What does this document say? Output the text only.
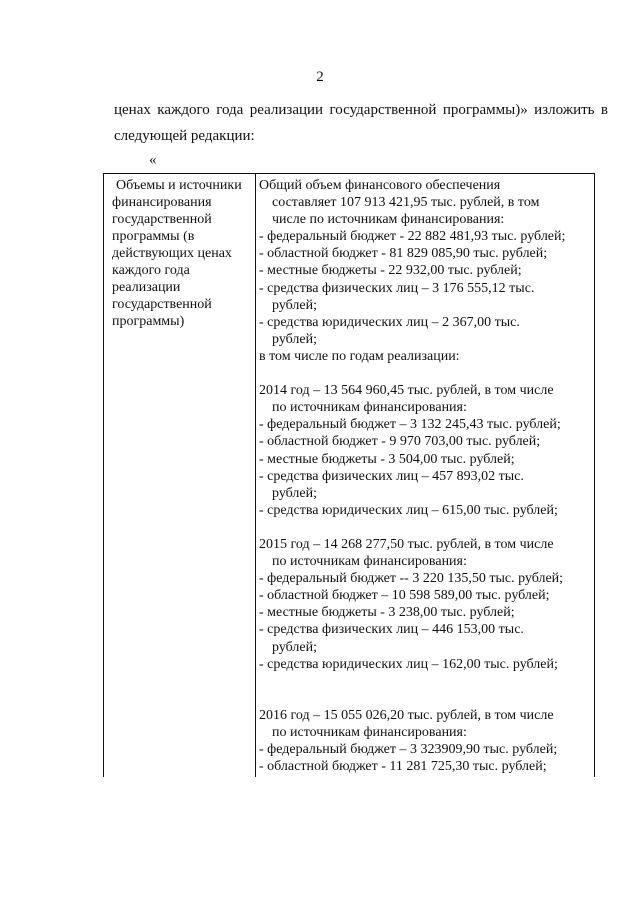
2
ценах каждого года реализации государственной программы)» изложить в
следующей редакции:
«
Объемы и источники
финансирования
государственной
программы (в
действующих ценах
каждого года
реализации
государственной
программы)
Общий объем финансового обеспечения
составляет 107 913 421,95 тыс. рублей, в том
числе по источникам финансирования:
- федеральный бюджет - 22 882 481,93 тыс. рублей;
- областной бюджет - 81 829 085,90 тыс. рублей;
- местные бюджеты - 22 932,00 тыс. рублей;
- средства физических лиц – 3 176 555,12 тыс.
рублей;
- средства юридических лиц – 2 367,00 тыс.
рублей;
в том числе по годам реализации:
2014 год – 13 564 960,45 тыс. рублей, в том числе
по источникам финансирования:
- федеральный бюджет – 3 132 245,43 тыс. рублей;
- областной бюджет - 9 970 703,00 тыс. рублей;
- местные бюджеты - 3 504,00 тыс. рублей;
- средства физических лиц – 457 893,02 тыс.
рублей;
- средства юридических лиц – 615,00 тыс. рублей;
2015 год – 14 268 277,50 тыс. рублей, в том числе
по источникам финансирования:
- федеральный бюджет -- 3 220 135,50 тыс. рублей;
- областной бюджет – 10 598 589,00 тыс. рублей;
- местные бюджеты - 3 238,00 тыс. рублей;
- средства физических лиц – 446 153,00 тыс.
рублей;
- средства юридических лиц – 162,00 тыс. рублей;
2016 год – 15 055 026,20 тыс. рублей, в том числе
по источникам финансирования:
- федеральный бюджет – 3 323909,90 тыс. рублей;
- областной бюджет - 11 281 725,30 тыс. рублей;
